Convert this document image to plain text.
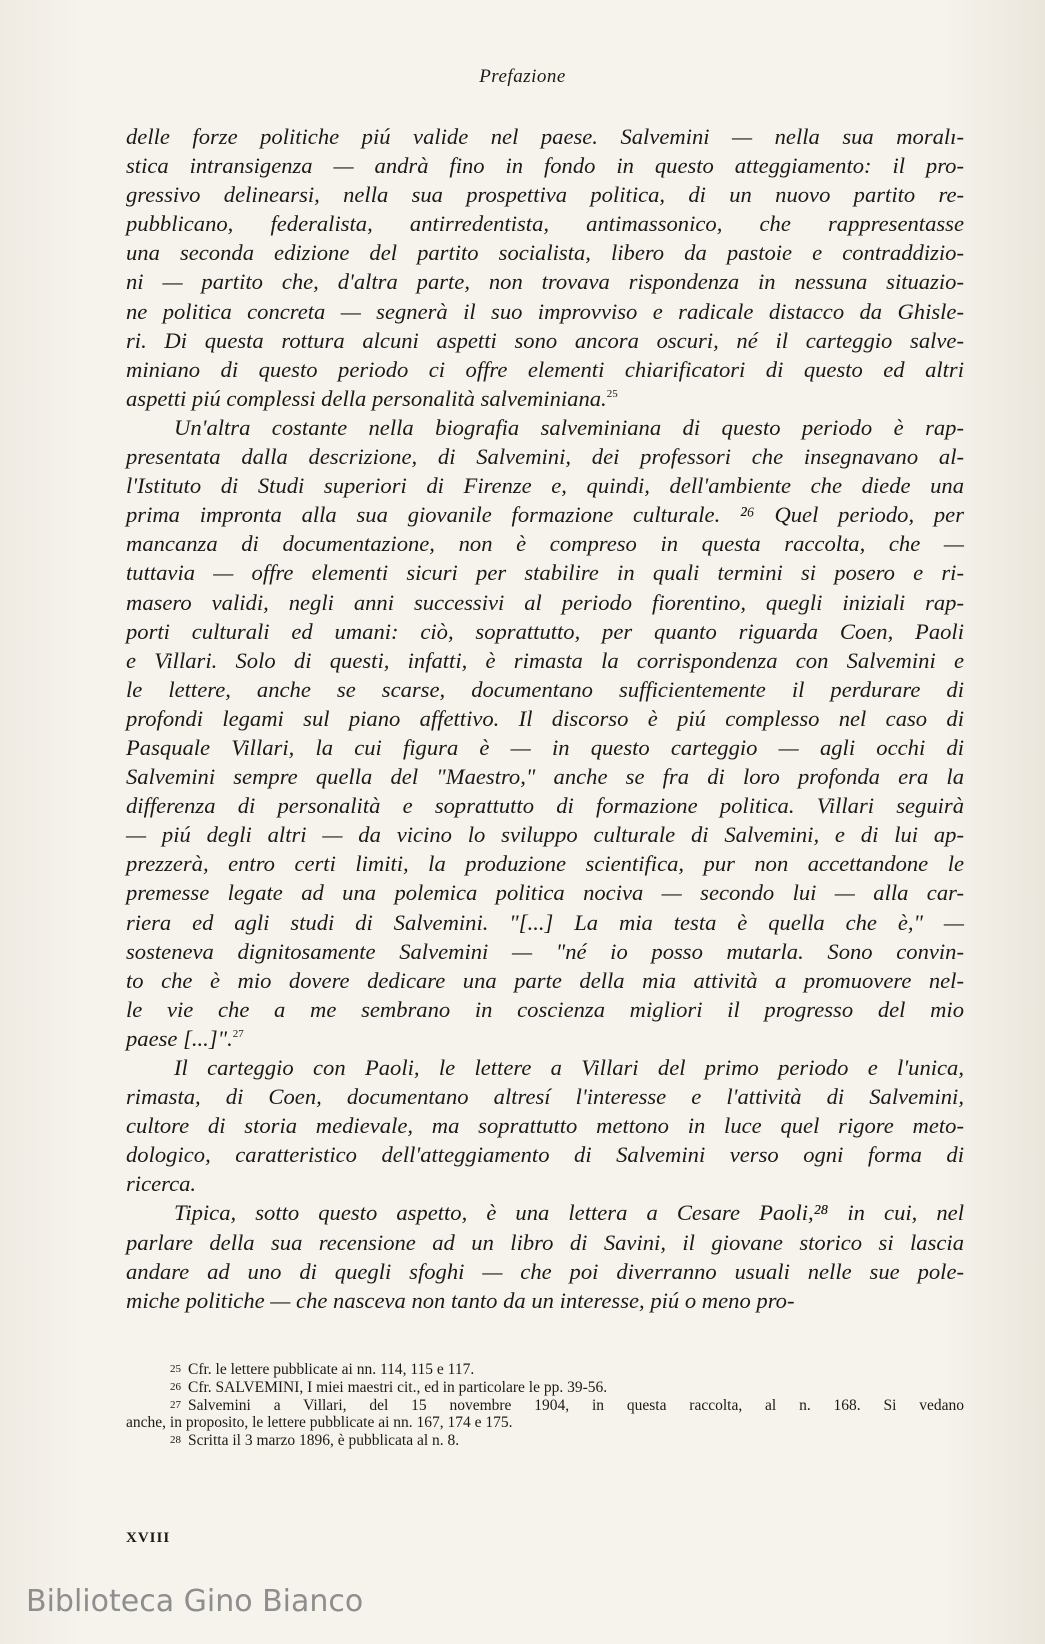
Prefazione
delle forze politiche piú valide nel paese. Salvemini — nella sua moralı-
stica intransigenza — andrà fino in fondo in questo atteggiamento: il pro-
gressivo delinearsi, nella sua prospettiva politica, di un nuovo partito re-
pubblicano, federalista, antirredentista, antimassonico, che rappresentasse
una seconda edizione del partito socialista, libero da pastoie e contraddizio-
ni — partito che, d'altra parte, non trovava rispondenza in nessuna situazio-
ne politica concreta — segnerà il suo improvviso e radicale distacco da Ghisle-
ri. Di questa rottura alcuni aspetti sono ancora oscuri, né il carteggio salve-
miniano di questo periodo ci offre elementi chiarificatori di questo ed altri
aspetti piú complessi della personalità salveminiana.$^{25}$
Un'altra costante nella biografia salveminiana di questo periodo è rap-
presentata dalla descrizione, di Salvemini, dei professori che insegnavano al-
l'Istituto di Studi superiori di Firenze e, quindi, dell'ambiente che diede una
prima impronta alla sua giovanile formazione culturale. ²⁶ Quel periodo, per
mancanza di documentazione, non è compreso in questa raccolta, che —
tuttavia — offre elementi sicuri per stabilire in quali termini si posero e ri-
masero validi, negli anni successivi al periodo fiorentino, quegli iniziali rap-
porti culturali ed umani: ciò, soprattutto, per quanto riguarda Coen, Paoli
e Villari. Solo di questi, infatti, è rimasta la corrispondenza con Salvemini e
le lettere, anche se scarse, documentano sufficientemente il perdurare di
profondi legami sul piano affettivo. Il discorso è piú complesso nel caso di
Pasquale Villari, la cui figura è — in questo carteggio — agli occhi di
Salvemini sempre quella del "Maestro," anche se fra di loro profonda era la
differenza di personalità e soprattutto di formazione politica. Villari seguirà
— piú degli altri — da vicino lo sviluppo culturale di Salvemini, e di lui ap-
prezzerà, entro certi limiti, la produzione scientifica, pur non accettandone le
premesse legate ad una polemica politica nociva — secondo lui — alla car-
riera ed agli studi di Salvemini. "[...] La mia testa è quella che è," —
sosteneva dignitosamente Salvemini — "né io posso mutarla. Sono convin-
to che è mio dovere dedicare una parte della mia attività a promuovere nel-
le vie che a me sembrano in coscienza migliori il progresso del mio
paese [...]".$^{27}$
Il carteggio con Paoli, le lettere a Villari del primo periodo e l'unica,
rimasta, di Coen, documentano altresí l'interesse e l'attività di Salvemini,
cultore di storia medievale, ma soprattutto mettono in luce quel rigore meto-
dologico, caratteristico dell'atteggiamento di Salvemini verso ogni forma di
ricerca.
Tipica, sotto questo aspetto, è una lettera a Cesare Paoli,²⁸ in cui, nel
parlare della sua recensione ad un libro di Savini, il giovane storico si lascia
andare ad uno di quegli sfoghi — che poi diverranno usuali nelle sue pole-
miche politiche — che nasceva non tanto da un interesse, piú o meno pro-
25 Cfr. le lettere pubblicate ai nn. 114, 115 e 117.
26 Cfr. SALVEMINI, I miei maestri cit., ed in particolare le pp. 39-56.
27 Salvemini a Villari, del 15 novembre 1904, in questa raccolta, al n. 168. Si vedano
anche, in proposito, le lettere pubblicate ai nn. 167, 174 e 175.
28 Scritta il 3 marzo 1896, è pubblicata al n. 8.
XVIII
Biblioteca Gino Bianco
